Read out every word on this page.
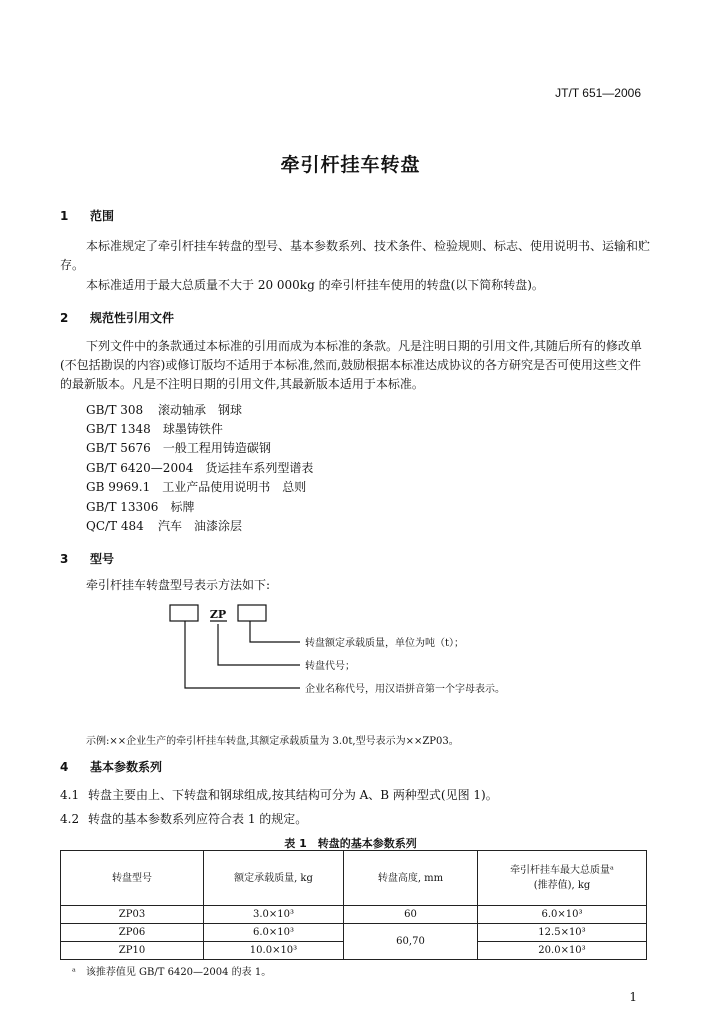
JT/T 651—2006
牵引杆挂车转盘
1 范围
本标准规定了牵引杆挂车转盘的型号、基本参数系列、技术条件、检验规则、标志、使用说明书、运输和贮存。
本标准适用于最大总质量不大于 20 000kg 的牵引杆挂车使用的转盘(以下简称转盘)。
2 规范性引用文件
下列文件中的条款通过本标准的引用而成为本标准的条款。凡是注明日期的引用文件,其随后所有的修改单(不包括勘误的内容)或修订版均不适用于本标准,然而,鼓励根据本标准达成协议的各方研究是否可使用这些文件的最新版本。凡是不注明日期的引用文件,其最新版本适用于本标准。
GB/T 308　 滚动轴承　钢球
GB/T 1348　 球墨铸铁件
GB/T 5676　 一般工程用铸造碳钢
GB/T 6420—2004　 货运挂车系列型谱表
GB 9969.1　 工业产品使用说明书　总则
GB/T 13306　 标牌
QC/T 484　 汽车　油漆涂层
3 型号
牵引杆挂车转盘型号表示方法如下:
ZP
转盘额定承载质量，单位为吨（t）；
转盘代号；
企业名称代号，用汉语拼音第一个字母表示。
示例:××企业生产的牵引杆挂车转盘,其额定承载质量为 3.0t,型号表示为××ZP03。
4 基本参数系列
4.1 转盘主要由上、下转盘和钢球组成,按其结构可分为 A、B 两种型式(见图 1)。
4.2 转盘的基本参数系列应符合表 1 的规定。
表 1　转盘的基本参数系列
转盘型号	额定承载质量, kg	转盘高度, mm	牵引杆挂车最大总质量ᵃ
(推荐值), kg
ZP03	3.0×10³	60	6.0×10³
ZP06	6.0×10³	60,70	12.5×10³
ZP10	10.0×10³		20.0×10³
ᵃ　该推荐值见 GB/T 6420—2004 的表 1。
1
